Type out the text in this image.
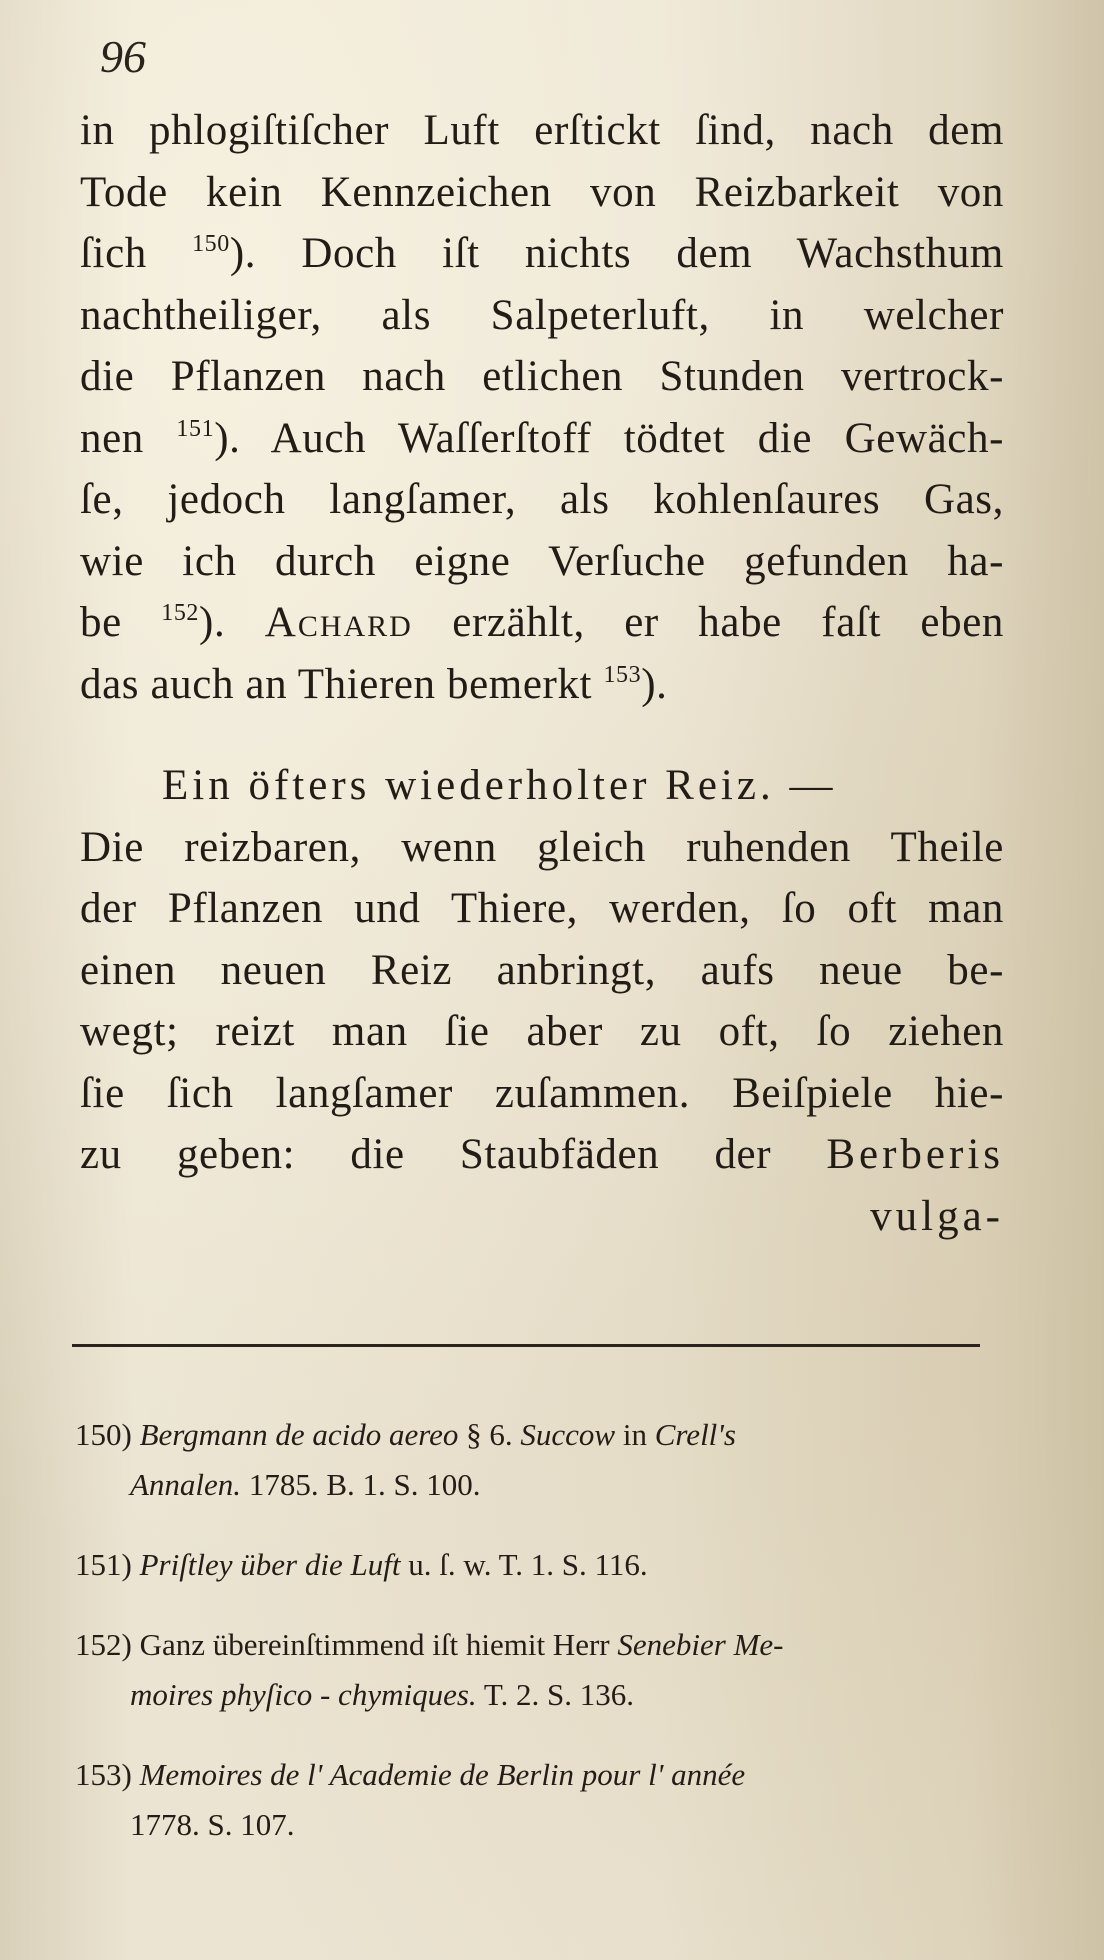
96
in phlogiſtiſcher Luft erſtickt ſind, nach dem
Tode kein Kennzeichen von Reizbarkeit von
ſich $^{150}$). Doch iſt nichts dem Wachsthum
nachtheiliger, als Salpeterluft, in welcher
die Pflanzen nach etlichen Stunden vertrock-
nen $^{151}$). Auch Waſſerſtoff tödtet die Gewäch-
ſe, jedoch langſamer, als kohlenſaures Gas,
wie ich durch eigne Verſuche gefunden ha-
be $^{152}$). Achard erzählt, er habe faſt eben
das auch an Thieren bemerkt $^{153}$).
Ein öfters wiederholter Reiz. —
Die reizbaren, wenn gleich ruhenden Theile
der Pflanzen und Thiere, werden, ſo oft man
einen neuen Reiz anbringt, aufs neue be-
wegt; reizt man ſie aber zu oft, ſo ziehen
ſie ſich langſamer zuſammen. Beiſpiele hie-
zu geben: die Staubfäden der Berberis
vulga-
150) Bergmann de acido aereo § 6. Succow in Crell's
Annalen. 1785. B. 1. S. 100.
151) Priſtley über die Luft u. ſ. w. T. 1. S. 116.
152) Ganz übereinſtimmend iſt hiemit Herr Senebier Me-
moires phyſico - chymiques. T. 2. S. 136.
153) Memoires de l' Academie de Berlin pour l' année
1778. S. 107.
